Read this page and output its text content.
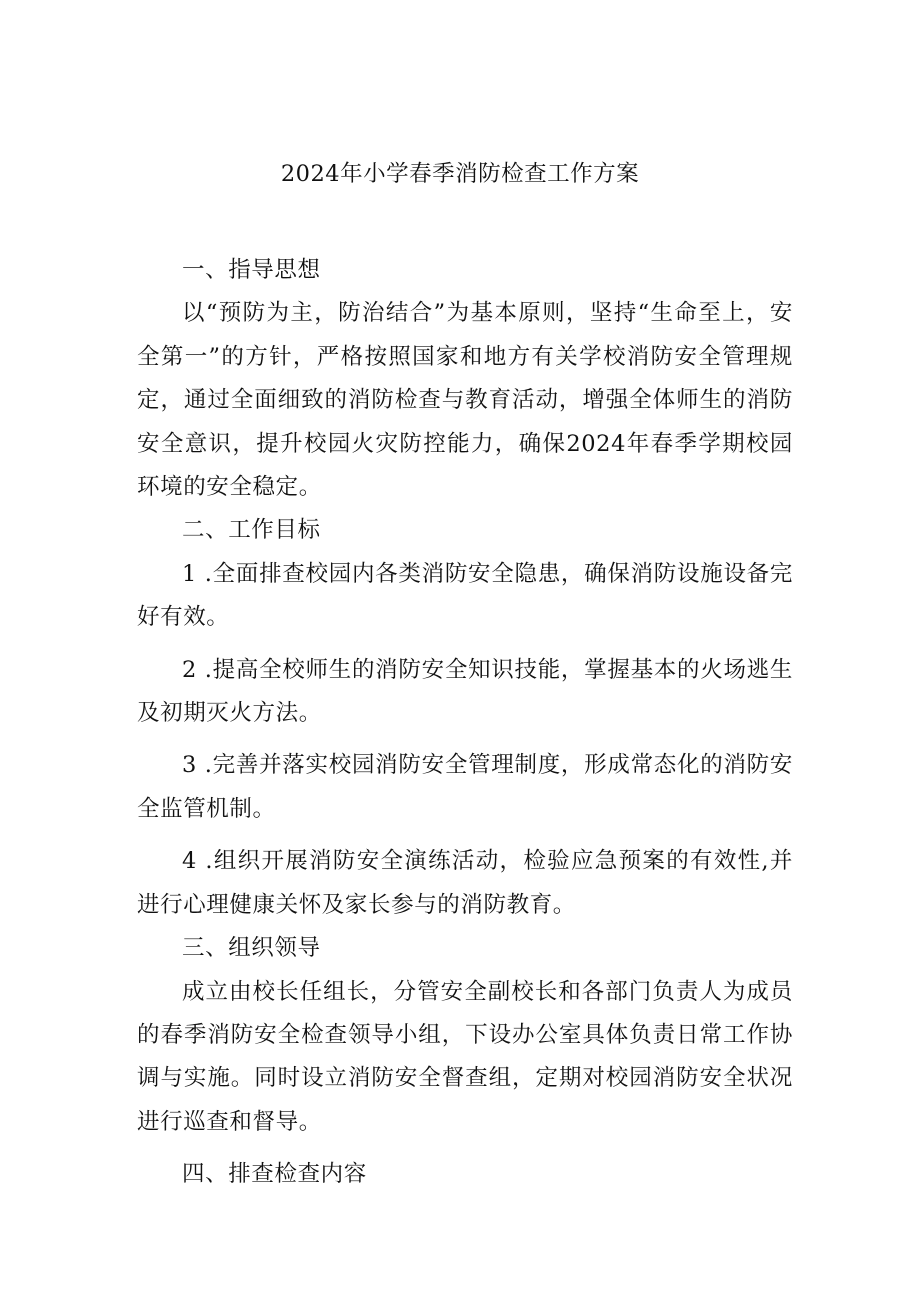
2024年小学春季消防检查工作方案

一、指导思想

以“预防为主，防治结合”为基本原则，坚持“生命至上，安全第一”的方针，严格按照国家和地方有关学校消防安全管理规定，通过全面细致的消防检查与教育活动，增强全体师生的消防安全意识，提升校园火灾防控能力，确保2024年春季学期校园环境的安全稳定。

二、工作目标

1 .全面排查校园内各类消防安全隐患，确保消防设施设备完好有效。

2 .提高全校师生的消防安全知识技能，掌握基本的火场逃生及初期灭火方法。

3 .完善并落实校园消防安全管理制度，形成常态化的消防安全监管机制。

4 .组织开展消防安全演练活动，检验应急预案的有效性,并进行心理健康关怀及家长参与的消防教育。

三、组织领导

成立由校长任组长，分管安全副校长和各部门负责人为成员的春季消防安全检查领导小组，下设办公室具体负责日常工作协调与实施。同时设立消防安全督查组，定期对校园消防安全状况进行巡查和督导。

四、排查检查内容
